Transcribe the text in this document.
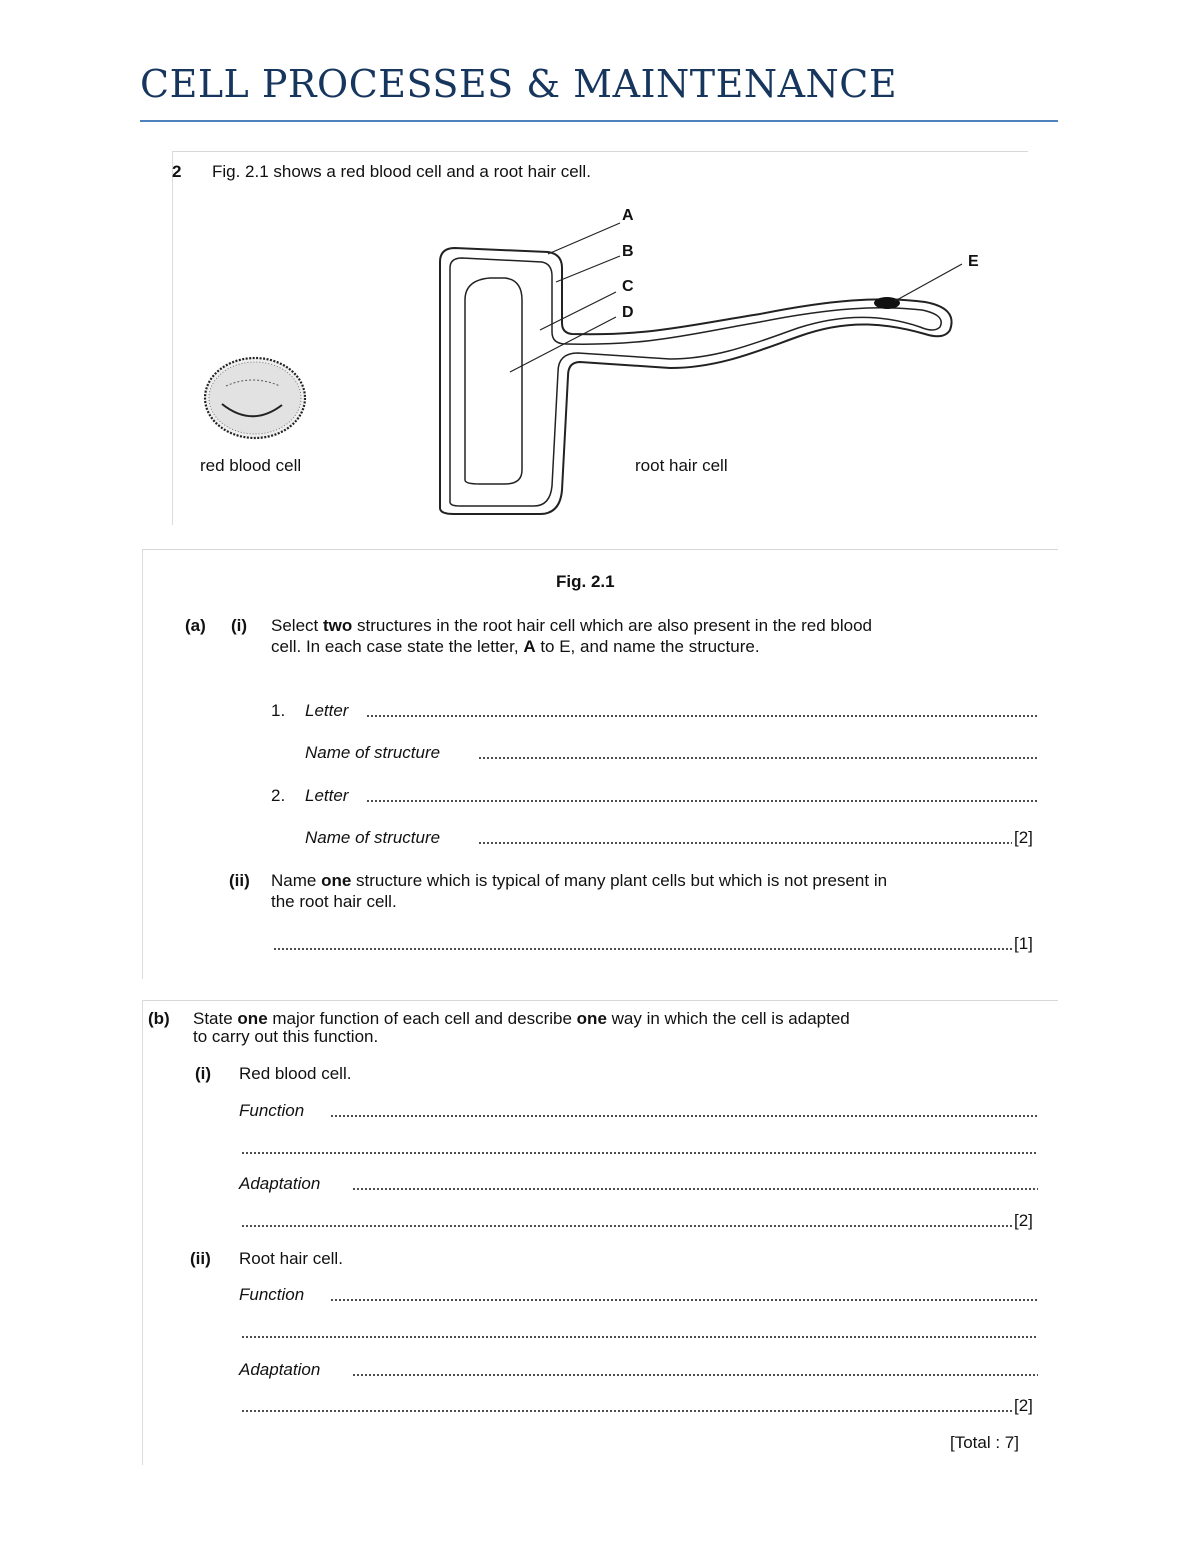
CELL PROCESSES & MAINTENANCE
2 Fig. 2.1 shows a red blood cell and a root hair cell.
A
B
C
D
E
red blood cell	root hair cell
Fig. 2.1
(a) (i) Select two structures in the root hair cell which are also present in the red blood
cell. In each case state the letter, A to E, and name the structure.
1. Letter
Name of structure
2. Letter
Name of structure	[2]
(ii) Name one structure which is typical of many plant cells but which is not present in
the root hair cell.
[1]
(b) State one major function of each cell and describe one way in which the cell is adapted
to carry out this function.
(i) Red blood cell.
Function
Adaptation
[2]
(ii) Root hair cell.
Function
Adaptation
[2]
[Total : 7]
